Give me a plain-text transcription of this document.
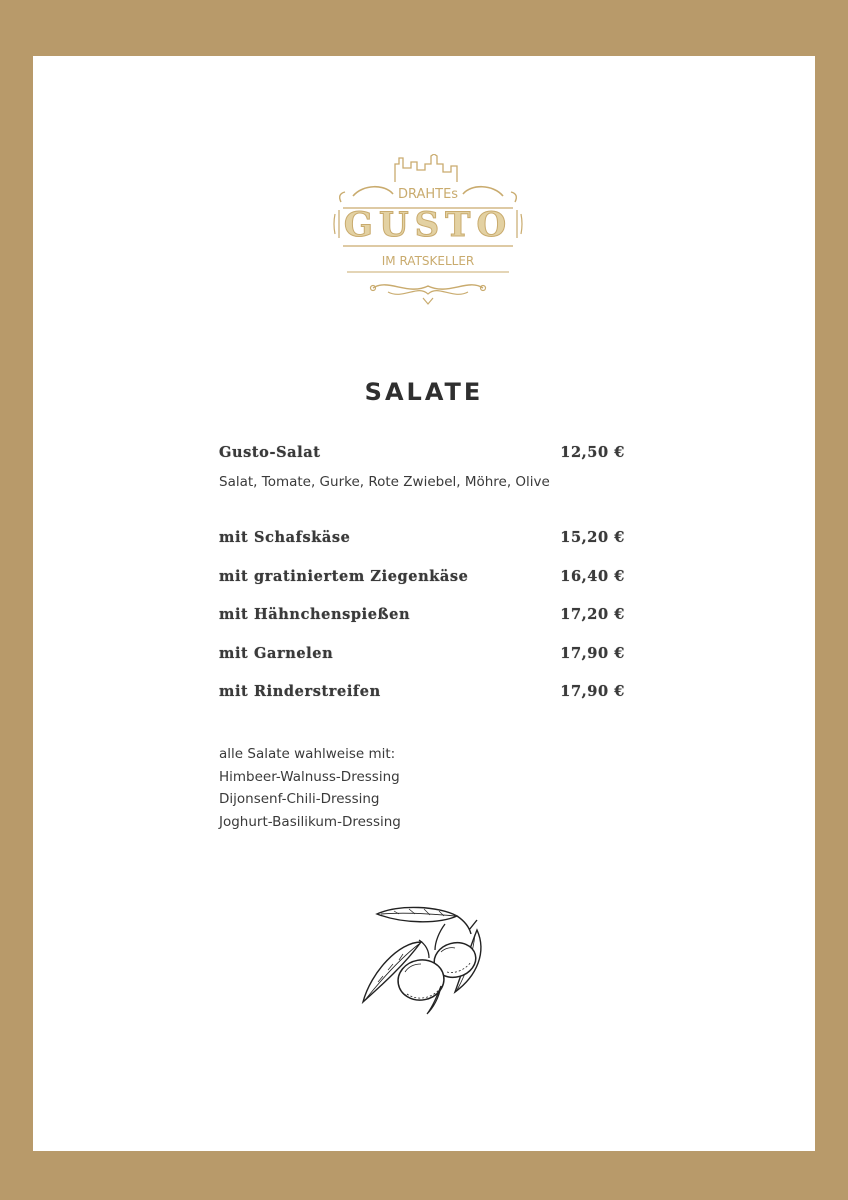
DRAHTEs
GUSTO
IM RATSKELLER
SALATE
Gusto-Salat	12,50 €
Salat, Tomate, Gurke, Rote Zwiebel, Möhre, Olive
mit Schafskäse	15,20 €
mit gratiniertem Ziegenkäse	16,40 €
mit Hähnchenspießen	17,20 €
mit Garnelen	17,90 €
mit Rinderstreifen	17,90 €
alle Salate wahlweise mit:
Himbeer-Walnuss-Dressing
Dijonsenf-Chili-Dressing
Joghurt-Basilikum-Dressing
